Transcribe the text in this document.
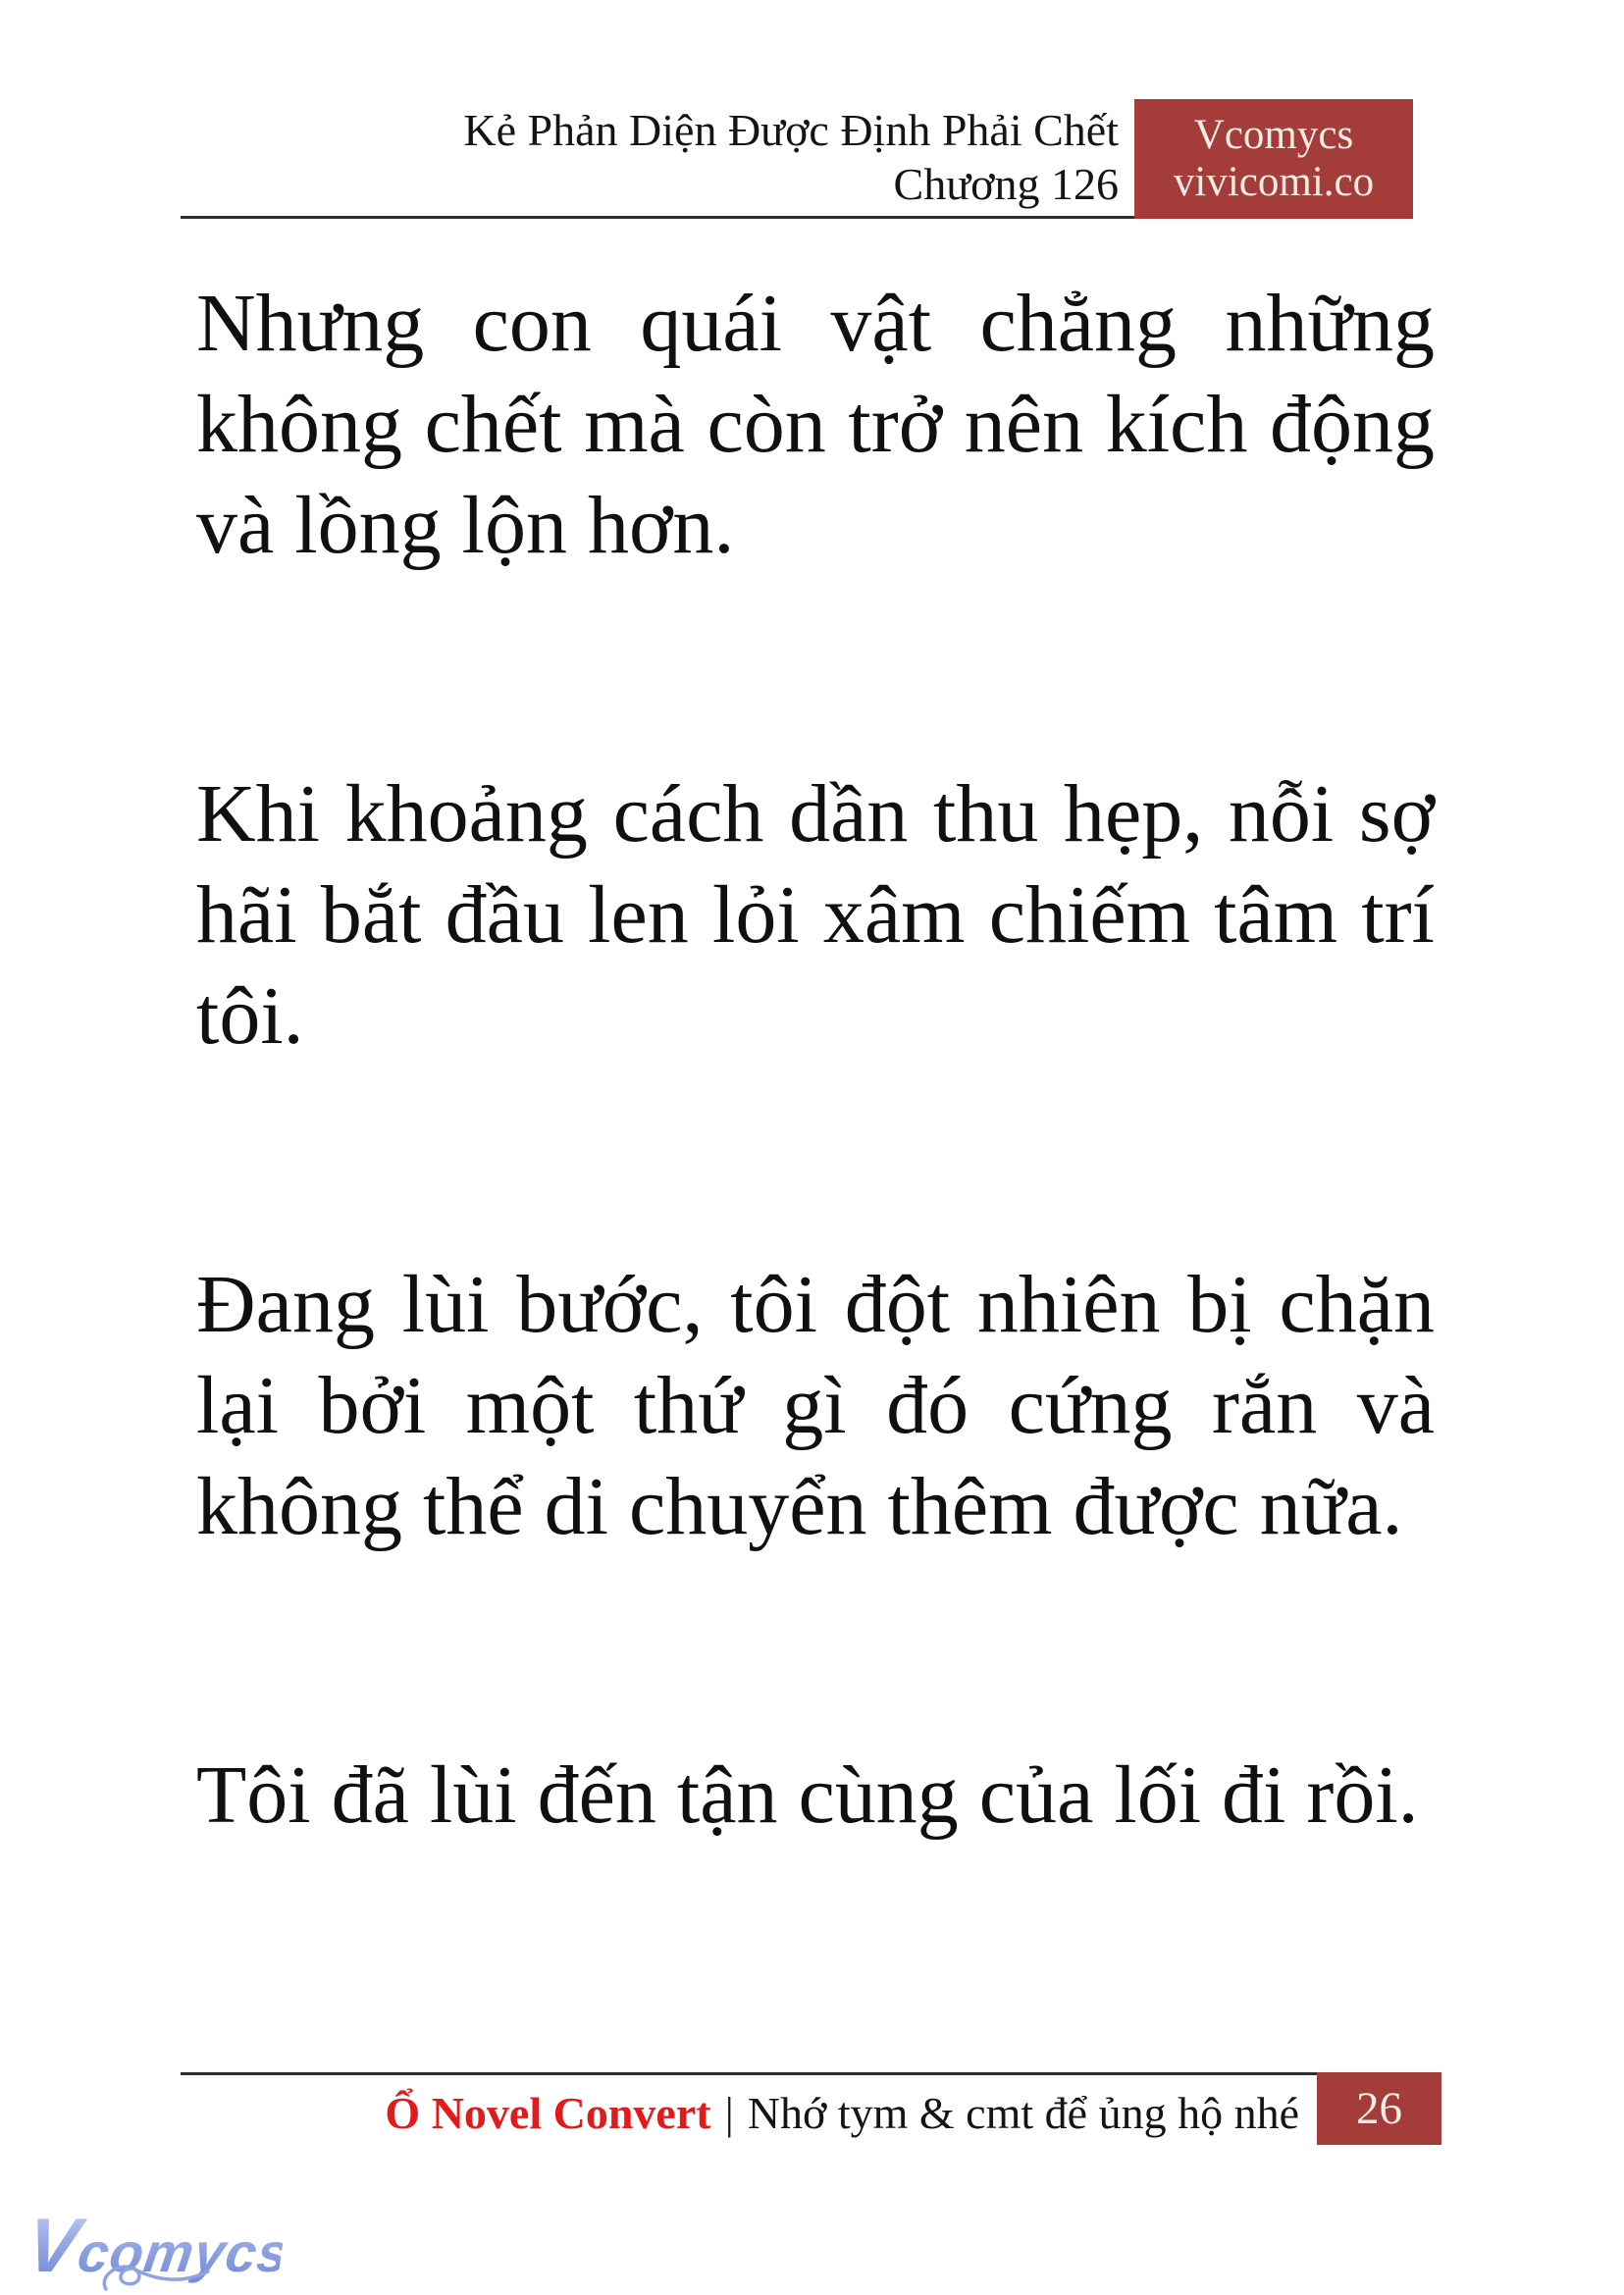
Kẻ Phản Diện Được Định Phải Chết
Chương 126
Vcomycs
vivicomi.co
Nhưng con quái vật chẳng những
không chết mà còn trở nên kích động
và lồng lộn hơn.
Khi khoảng cách dần thu hẹp, nỗi sợ
hãi bắt đầu len lỏi xâm chiếm tâm trí
tôi.
Đang lùi bước, tôi đột nhiên bị chặn
lại bởi một thứ gì đó cứng rắn và
không thể di chuyển thêm được nữa.
Tôi đã lùi đến tận cùng của lối đi rồi.
Ổ Novel Convert | Nhớ tym & cmt để ủng hộ nhé 26
Vcomycs
